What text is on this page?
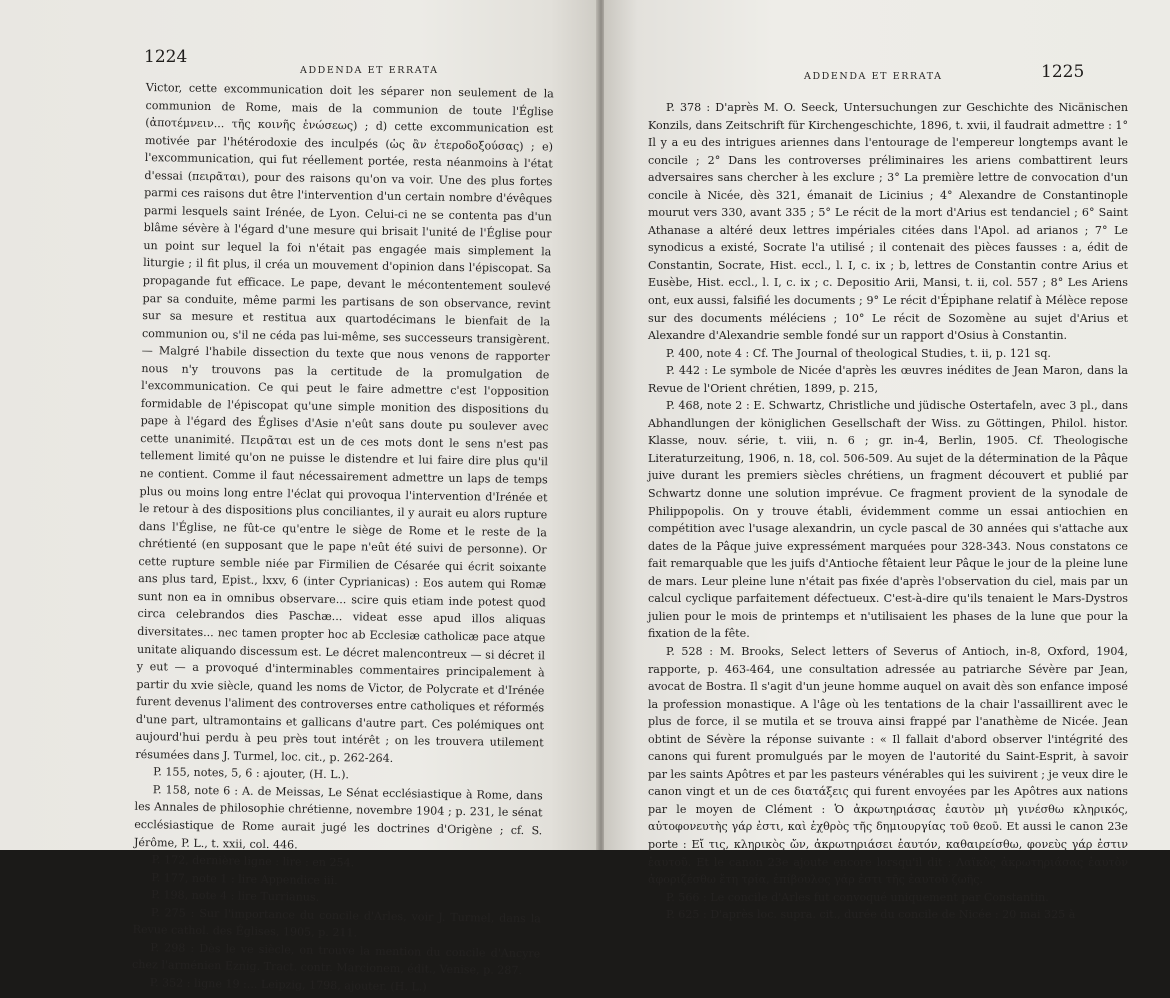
1224
ADDENDA ET ERRATA

Victor, cette excommunication doit les séparer non seulement de la communion de Rome, mais de la communion de toute l'Église (ἀποτέμνειν... τῆς κοινῆς ἑνώσεως) ; d) cette excommunication est motivée par l'hétérodoxie des inculpés (ὡς ἂν ἑτεροδοξούσας) ; e) l'excommunication, qui fut réellement portée, resta néanmoins à l'état d'essai (πειρᾶται), pour des raisons qu'on va voir. Une des plus fortes parmi ces raisons dut être l'intervention d'un certain nombre d'évêques parmi lesquels saint Irénée, de Lyon. Celui-ci ne se contenta pas d'un blâme sévère à l'égard d'une mesure qui brisait l'unité de l'Église pour un point sur lequel la foi n'était pas engagée mais simplement la liturgie ; il fit plus, il créa un mouvement d'opinion dans l'épiscopat. Sa propagande fut efficace. Le pape, devant le mécontentement soulevé par sa conduite, même parmi les partisans de son observance, revint sur sa mesure et restitua aux quartodécimans le bienfait de la communion ou, s'il ne céda pas lui-même, ses successeurs transigèrent. — Malgré l'habile dissection du texte que nous venons de rapporter nous n'y trouvons pas la certitude de la promulgation de l'excommunication. Ce qui peut le faire admettre c'est l'opposition formidable de l'épiscopat qu'une simple monition des dispositions du pape à l'égard des Églises d'Asie n'eût sans doute pu soulever avec cette unanimité. Πειρᾶται est un de ces mots dont le sens n'est pas tellement limité qu'on ne puisse le distendre et lui faire dire plus qu'il ne contient. Comme il faut nécessairement admettre un laps de temps plus ou moins long entre l'éclat qui provoqua l'intervention d'Irénée et le retour à des dispositions plus conciliantes, il y aurait eu alors rupture dans l'Église, ne fût-ce qu'entre le siège de Rome et le reste de la chrétienté (en supposant que le pape n'eût été suivi de personne). Or cette rupture semble niée par Firmilien de Césarée qui écrit soixante ans plus tard, Epist., lxxv, 6 (inter Cyprianicas) : Eos autem qui Romæ sunt non ea in omnibus observare... scire quis etiam inde potest quod circa celebrandos dies Paschæ... videat esse apud illos aliquas diversitates... nec tamen propter hoc ab Ecclesiæ catholicæ pace atque unitate aliquando discessum est. Le décret malencontreux — si décret il y eut — a provoqué d'interminables commentaires principalement à partir du xvie siècle, quand les noms de Victor, de Polycrate et d'Irénée furent devenus l'aliment des controverses entre catholiques et réformés d'une part, ultramontains et gallicans d'autre part. Ces polémiques ont aujourd'hui perdu à peu près tout intérêt ; on les trouvera utilement résumées dans J. Turmel, loc. cit., p. 262-264.

P. 155, notes, 5, 6 : ajouter, (H. L.).

P. 158, note 6 : A. de Meissas, Le Sénat ecclésiastique à Rome, dans les Annales de philosophie chrétienne, novembre 1904 ; p. 231, le sénat ecclésiastique de Rome aurait jugé les doctrines d'Origène ; cf. S. Jérôme, P. L., t. xxii, col. 446.

P. 172, dernière ligne : lire : en 254.

P. 177, note 1 : lire Appendice iii.

P. 198, note 4 : lire Turrianus.

P. 275 : Sur l'importance du concile d'Arles, voir J. Turmel, dans la Revue cathol. des Églises, 1905, p. 211.

P. 298 : Dès le ve siècle, on trouve la mention du concile d'Ancyre chez l'arménien Eznig. Tract. contr. Marcionem, édit., Venise, p. 287.

P. 352 : ligne 19 :... Leipzig, 1798, ajouter. (H. L.)

ADDENDA ET ERRATA	1225

P. 378 : D'après M. O. Seeck, Untersuchungen zur Geschichte des Nicänischen Konzils, dans Zeitschrift für Kirchengeschichte, 1896, t. xvii, il faudrait admettre : 1° Il y a eu des intrigues ariennes dans l'entourage de l'empereur longtemps avant le concile ; 2° Dans les controverses préliminaires les ariens combattirent leurs adversaires sans chercher à les exclure ; 3° La première lettre de convocation d'un concile à Nicée, dès 321, émanait de Licinius ; 4° Alexandre de Constantinople mourut vers 330, avant 335 ; 5° Le récit de la mort d'Arius est tendanciel ; 6° Saint Athanase a altéré deux lettres impériales citées dans l'Apol. ad arianos ; 7° Le synodicus a existé, Socrate l'a utilisé ; il contenait des pièces fausses : a, édit de Constantin, Socrate, Hist. eccl., l. I, c. ix ; b, lettres de Constantin contre Arius et Eusèbe, Hist. eccl., l. I, c. ix ; c. Depositio Arii, Mansi, t. ii, col. 557 ; 8° Les Ariens ont, eux aussi, falsifié les documents ; 9° Le récit d'Épiphane relatif à Mélèce repose sur des documents méléciens ; 10° Le récit de Sozomène au sujet d'Arius et Alexandre d'Alexandrie semble fondé sur un rapport d'Osius à Constantin.

P. 400, note 4 : Cf. The Journal of theological Studies, t. ii, p. 121 sq.

P. 442 : Le symbole de Nicée d'après les œuvres inédites de Jean Maron, dans la Revue de l'Orient chrétien, 1899, p. 215,

P. 468, note 2 : E. Schwartz, Christliche und jüdische Ostertafeln, avec 3 pl., dans Abhandlungen der königlichen Gesellschaft der Wiss. zu Göttingen, Philol. histor. Klasse, nouv. série, t. viii, n. 6 ; gr. in-4, Berlin, 1905. Cf. Theologische Literaturzeitung, 1906, n. 18, col. 506-509. Au sujet de la détermination de la Pâque juive durant les premiers siècles chrétiens, un fragment découvert et publié par Schwartz donne une solution imprévue. Ce fragment provient de la synodale de Philippopolis. On y trouve établi, évidemment comme un essai antiochien en compétition avec l'usage alexandrin, un cycle pascal de 30 années qui s'attache aux dates de la Pâque juive expressément marquées pour 328-343. Nous constatons ce fait remarquable que les juifs d'Antioche fêtaient leur Pâque le jour de la pleine lune de mars. Leur pleine lune n'était pas fixée d'après l'observation du ciel, mais par un calcul cyclique parfaitement défectueux. C'est-à-dire qu'ils tenaient le Mars-Dystros julien pour le mois de printemps et n'utilisaient les phases de la lune que pour la fixation de la fête.

P. 528 : M. Brooks, Select letters of Severus of Antioch, in-8, Oxford, 1904, rapporte, p. 463-464, une consultation adressée au patriarche Sévère par Jean, avocat de Bostra. Il s'agit d'un jeune homme auquel on avait dès son enfance imposé la profession monastique. A l'âge où les tentations de la chair l'assaillirent avec le plus de force, il se mutila et se trouva ainsi frappé par l'anathème de Nicée. Jean obtint de Sévère la réponse suivante : « Il fallait d'abord observer l'intégrité des canons qui furent promulgués par le moyen de l'autorité du Saint-Esprit, à savoir par les saints Apôtres et par les pasteurs vénérables qui les suivirent ; je veux dire le canon vingt et un de ces διατάξεις qui furent envoyées par les Apôtres aux nations par le moyen de Clément : Ὁ ἀκρωτηριάσας ἑαυτὸν μὴ γινέσθω κληρικός, αὐτοφονευτὴς γάρ ἐστι, καὶ ἐχθρὸς τῆς δημιουργίας τοῦ θεοῦ. Et aussi le canon 23e porte : Εἴ τις, κληρικὸς ὤν, ἀκρωτηριάσει ἑαυτόν, καθαιρείσθω, φονεὺς γάρ ἐστιν ἑαυτοῦ. Et le canon 23e ajoute encore lorsqu'il dit : Λαϊκὸς ἀκρωτηριάσας ἑαυτὸν ἀφοριζέσθω ἔτη τρία, ἐπίβουλος γάρ ἐστι τῆς ἑαυτοῦ ζωῆς.

P. 566 : Le concile d'Arles fut convoqué uniquement par Constantin.

P. 625 : D'après loc. supra. cit., durée du concile de Nicée : 20 mai 325 à
